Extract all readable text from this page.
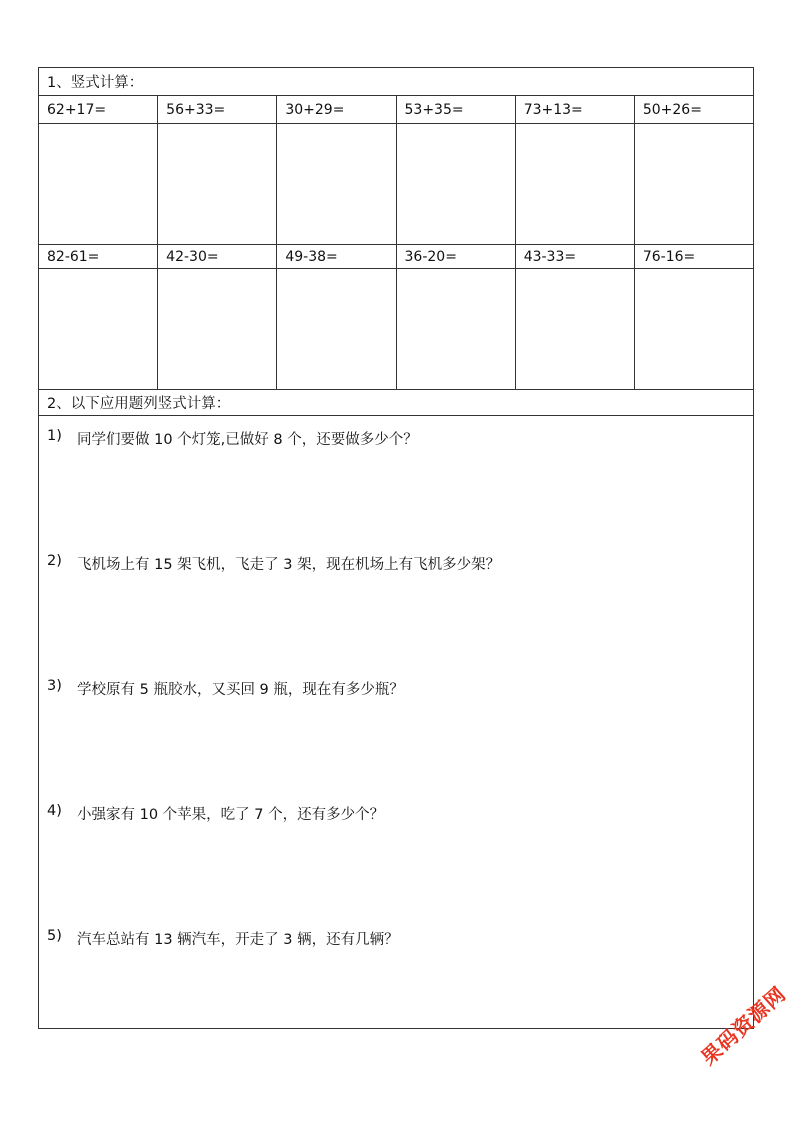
1、竖式计算：
62+17=	56+33=	30+29=	53+35=	73+13=	50+26=
82-61=	42-30=	49-38=	36-20=	43-33=	76-16=
2、以下应用题列竖式计算：
1)	同学们要做 10 个灯笼,已做好 8 个，还要做多少个？
2)	飞机场上有 15 架飞机，飞走了 3 架，现在机场上有飞机多少架？
3)	学校原有 5 瓶胶水，又买回 9 瓶，现在有多少瓶？
4)	小强家有 10 个苹果，吃了 7 个，还有多少个？
5)	汽车总站有 13 辆汽车，开走了 3 辆，还有几辆？
果码资源网
